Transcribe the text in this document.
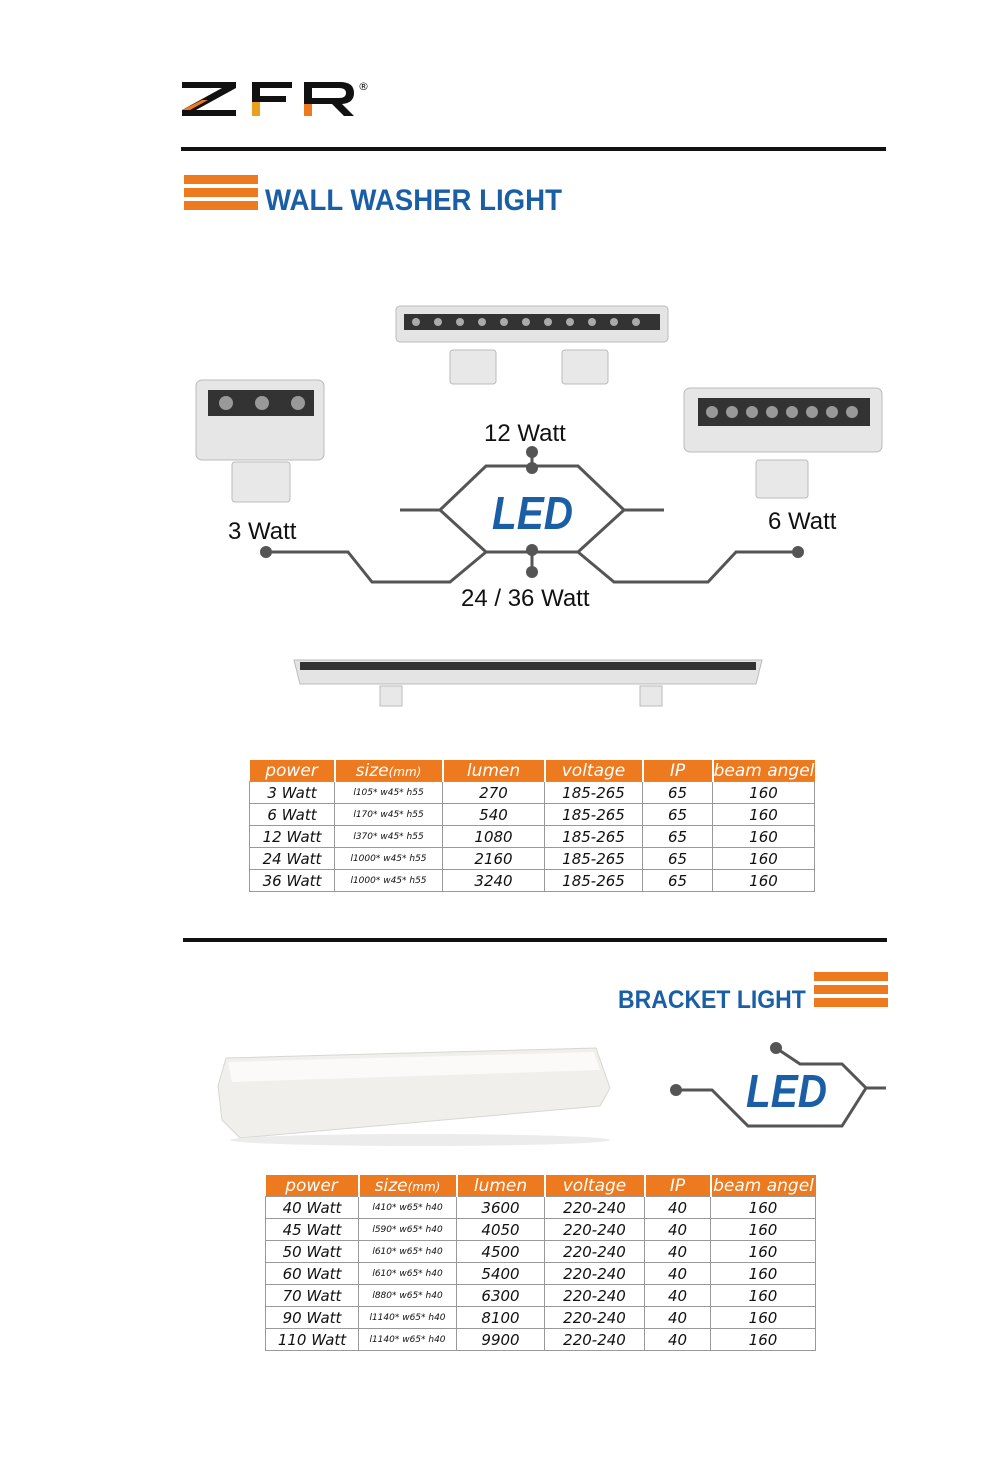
®
WALL WASHER LIGHT
12 Watt
3 Watt	6 Watt
24 / 36 Watt
LED
power	size(mm)	lumen	voltage	IP	beam angel
3 Watt	l105* w45* h55	270	185-265	65	160
6 Watt	l170* w45* h55	540	185-265	65	160
12 Watt	l370* w45* h55	1080	185-265	65	160
24 Watt	l1000* w45* h55	2160	185-265	65	160
36 Watt	l1000* w45* h55	3240	185-265	65	160
BRACKET LIGHT
LED
power	size(mm)	lumen	voltage	IP	beam angel
40 Watt	l410* w65* h40	3600	220-240	40	160
45 Watt	l590* w65* h40	4050	220-240	40	160
50 Watt	l610* w65* h40	4500	220-240	40	160
60 Watt	l610* w65* h40	5400	220-240	40	160
70 Watt	l880* w65* h40	6300	220-240	40	160
90 Watt	l1140* w65* h40	8100	220-240	40	160
110 Watt	l1140* w65* h40	9900	220-240	40	160
